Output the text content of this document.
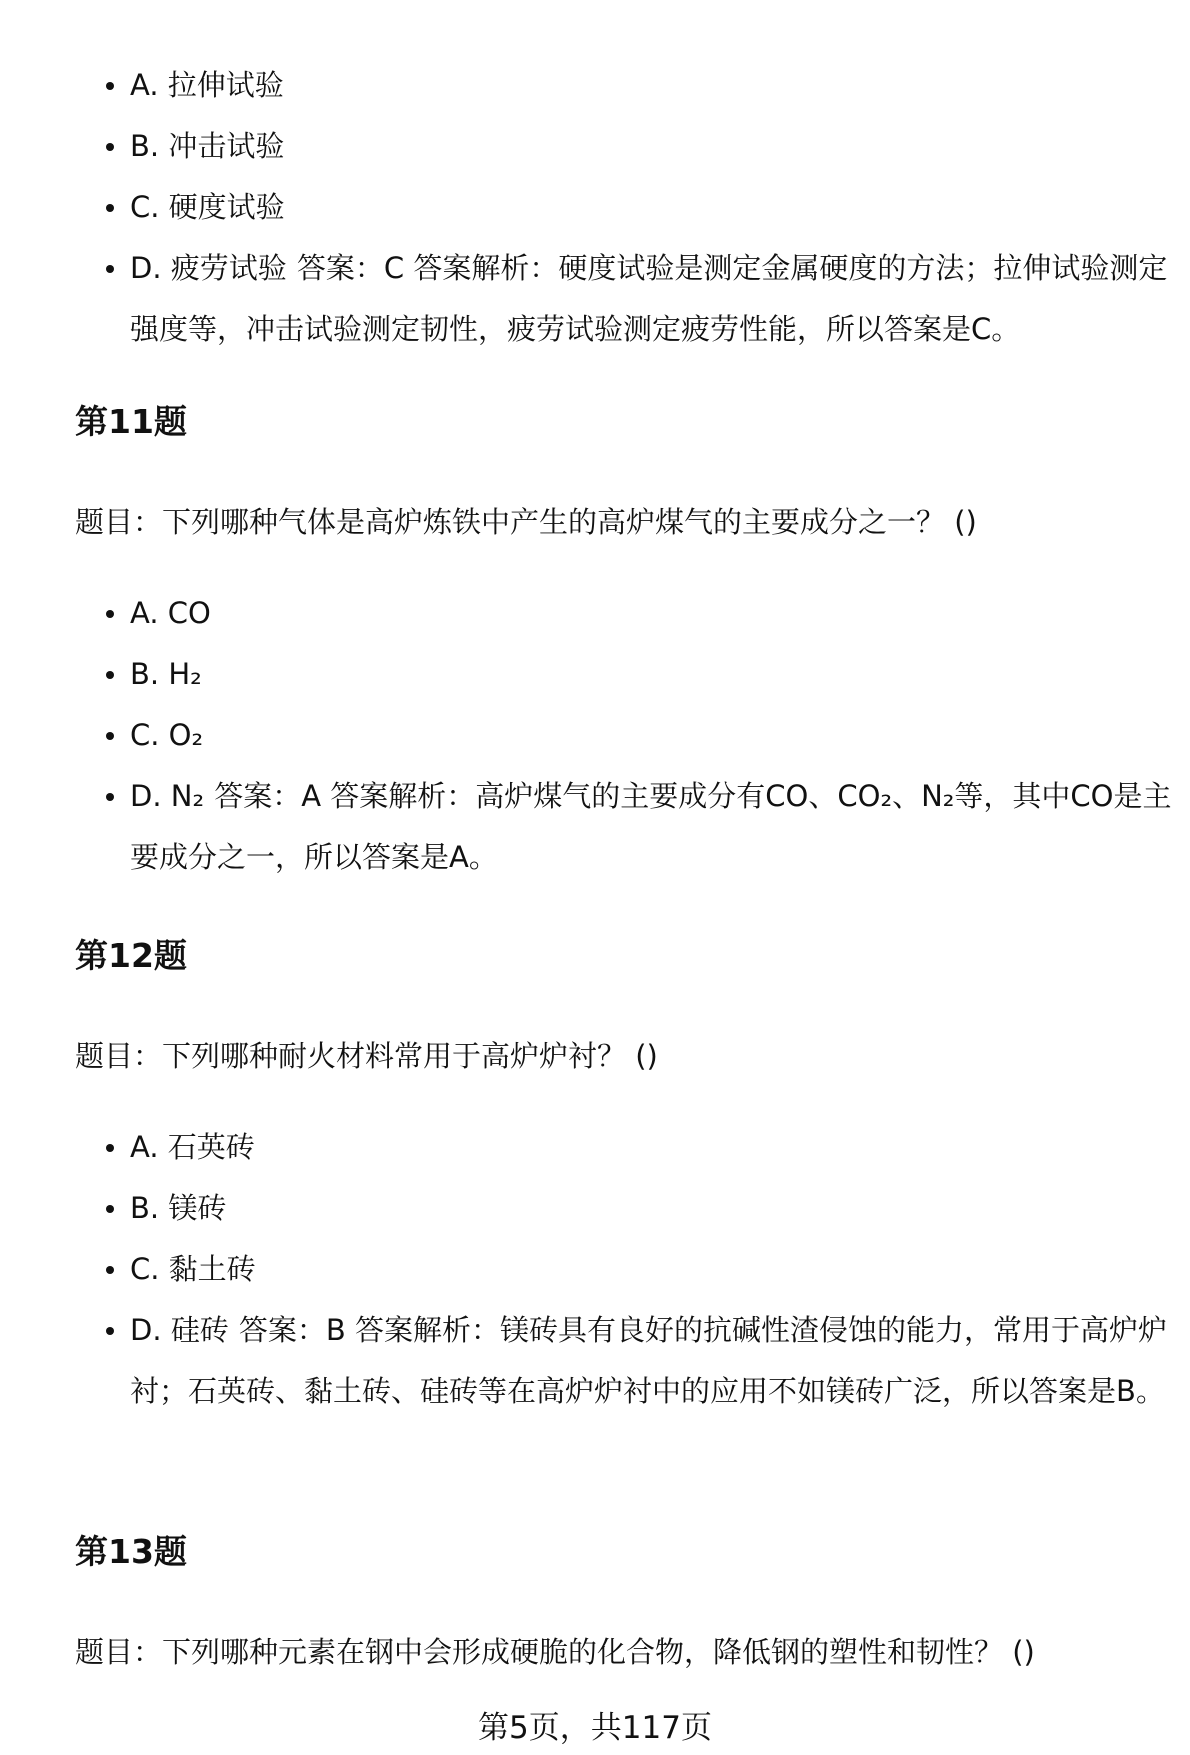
A. 拉伸试验
B. 冲击试验
C. 硬度试验
D. 疲劳试验 答案：C 答案解析：硬度试验是测定金属硬度的方法；拉伸试验测定强度等，冲击试验测定韧性，疲劳试验测定疲劳性能，所以答案是C。
第11题

题目：下列哪种气体是高炉炼铁中产生的高炉煤气的主要成分之一？ ()

A. CO
B. H₂
C. O₂
D. N₂ 答案：A 答案解析：高炉煤气的主要成分有CO、CO₂、N₂等，其中CO是主要成分之一，所以答案是A。
第12题

题目：下列哪种耐火材料常用于高炉炉衬？ ()

A. 石英砖
B. 镁砖
C. 黏土砖
D. 硅砖 答案：B 答案解析：镁砖具有良好的抗碱性渣侵蚀的能力，常用于高炉炉衬；石英砖、黏土砖、硅砖等在高炉炉衬中的应用不如镁砖广泛，所以答案是B。
第13题

题目：下列哪种元素在钢中会形成硬脆的化合物，降低钢的塑性和韧性？ ()

第5页，共117页
